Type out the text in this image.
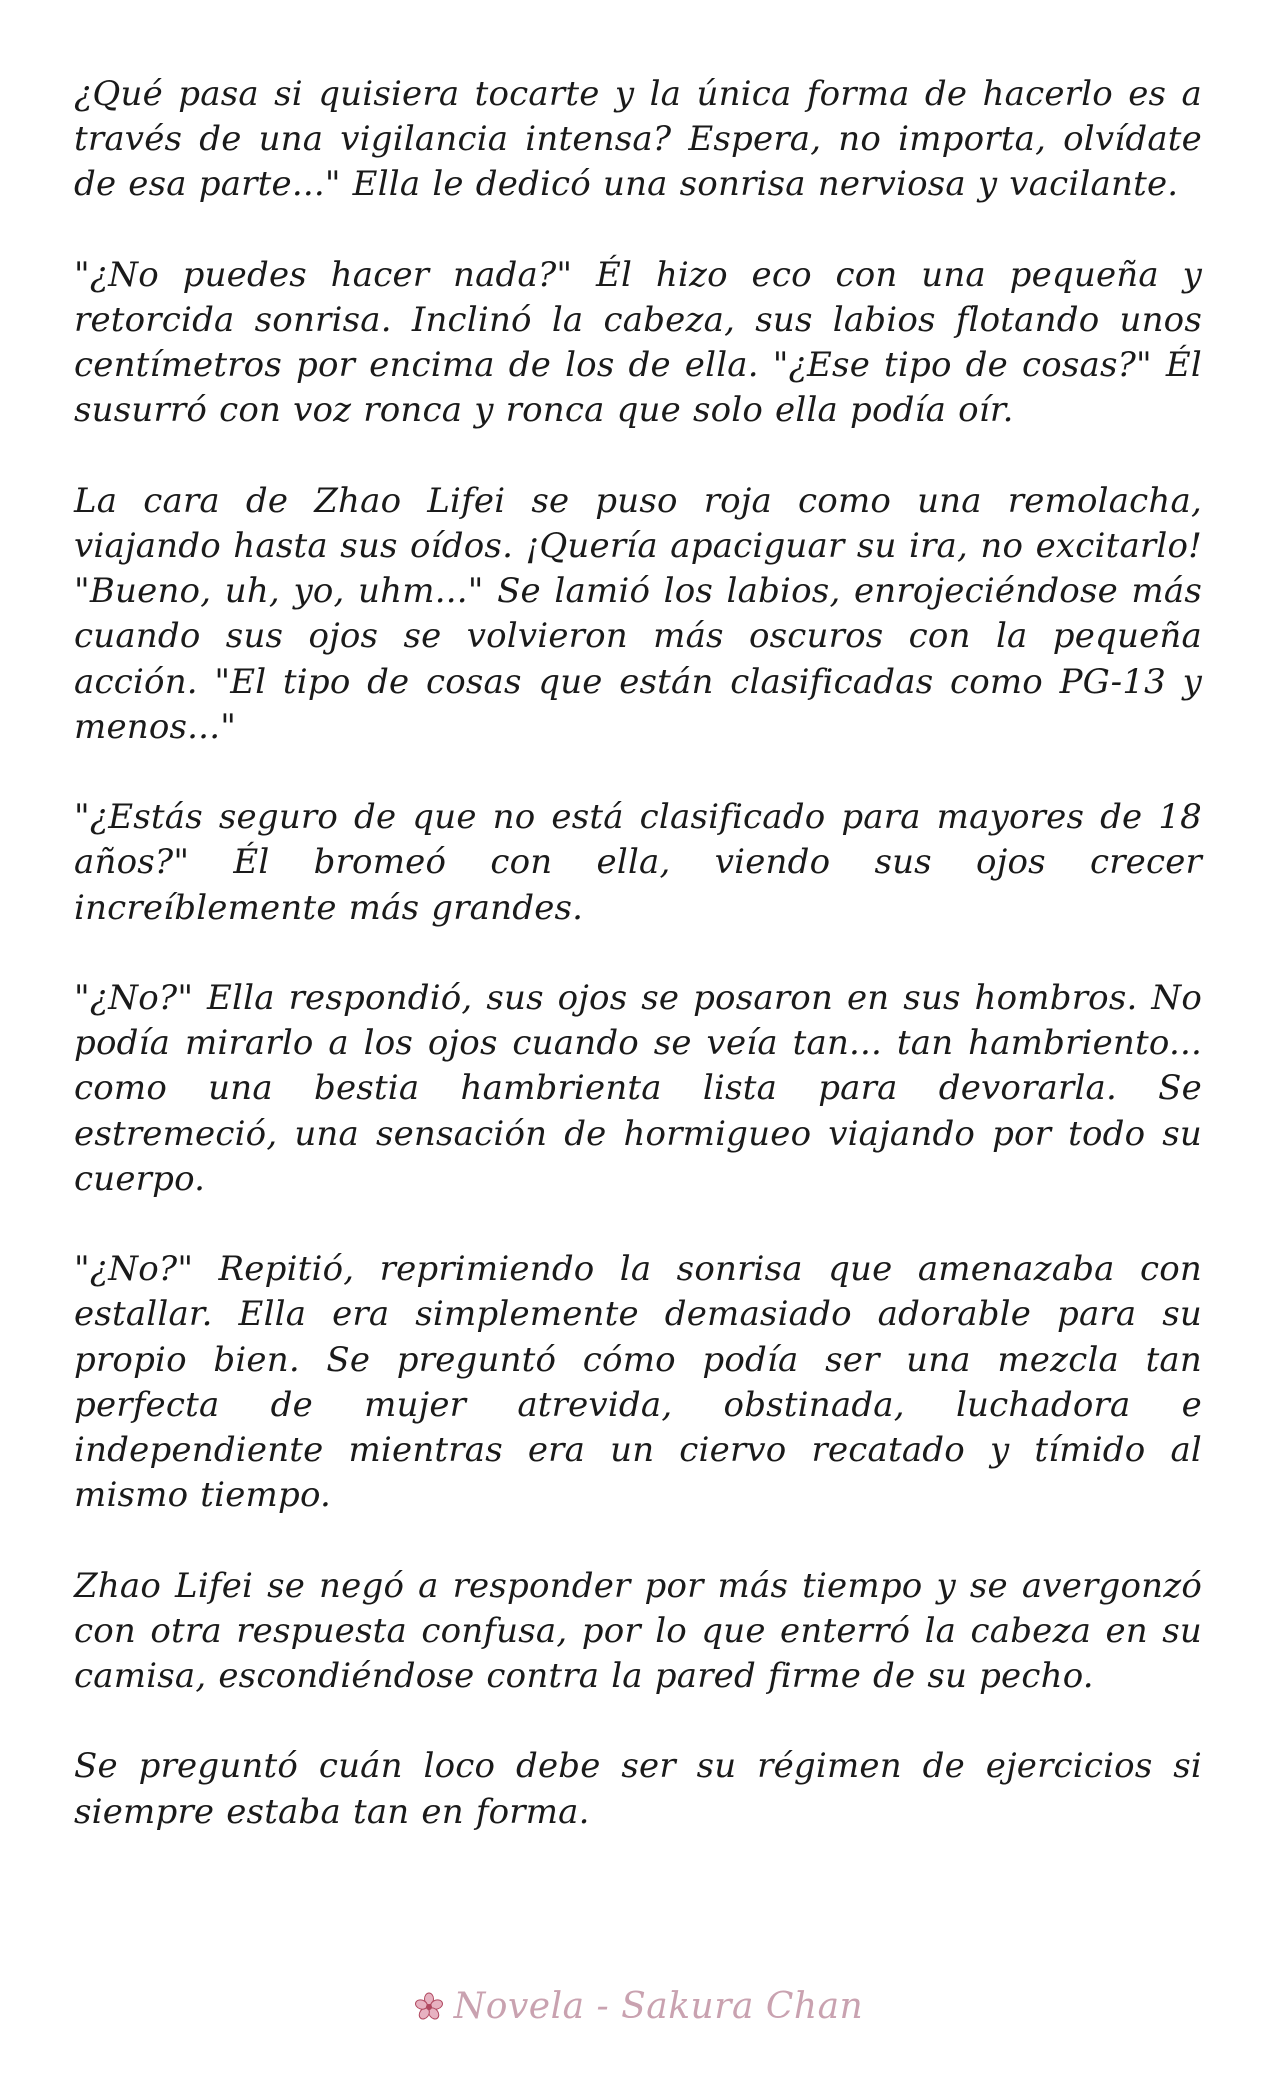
¿Qué pasa si quisiera tocarte y la única forma de hacerlo es a través de una vigilancia intensa? Espera, no importa, olvídate de esa parte..." Ella le dedicó una sonrisa nerviosa y vacilante.

"¿No puedes hacer nada?" Él hizo eco con una pequeña y retorcida sonrisa. Inclinó la cabeza, sus labios flotando unos centímetros por encima de los de ella. "¿Ese tipo de cosas?" Él susurró con voz ronca y ronca que solo ella podía oír.

La cara de Zhao Lifei se puso roja como una remolacha, viajando hasta sus oídos. ¡Quería apaciguar su ira, no excitarlo! "Bueno, uh, yo, uhm..." Se lamió los labios, enrojeciéndose más cuando sus ojos se volvieron más oscuros con la pequeña acción. "El tipo de cosas que están clasificadas como PG-13 y menos..."

"¿Estás seguro de que no está clasificado para mayores de 18 años?" Él bromeó con ella, viendo sus ojos crecer increíblemente más grandes.

"¿No?" Ella respondió, sus ojos se posaron en sus hombros. No podía mirarlo a los ojos cuando se veía tan... tan hambriento... como una bestia hambrienta lista para devorarla. Se estremeció, una sensación de hormigueo viajando por todo su cuerpo.

"¿No?" Repitió, reprimiendo la sonrisa que amenazaba con estallar. Ella era simplemente demasiado adorable para su propio bien. Se preguntó cómo podía ser una mezcla tan perfecta de mujer atrevida, obstinada, luchadora e independiente mientras era un ciervo recatado y tímido al mismo tiempo.

Zhao Lifei se negó a responder por más tiempo y se avergonzó con otra respuesta confusa, por lo que enterró la cabeza en su camisa, escondiéndose contra la pared firme de su pecho.

Se preguntó cuán loco debe ser su régimen de ejercicios si siempre estaba tan en forma.

Novela - Sakura Chan
